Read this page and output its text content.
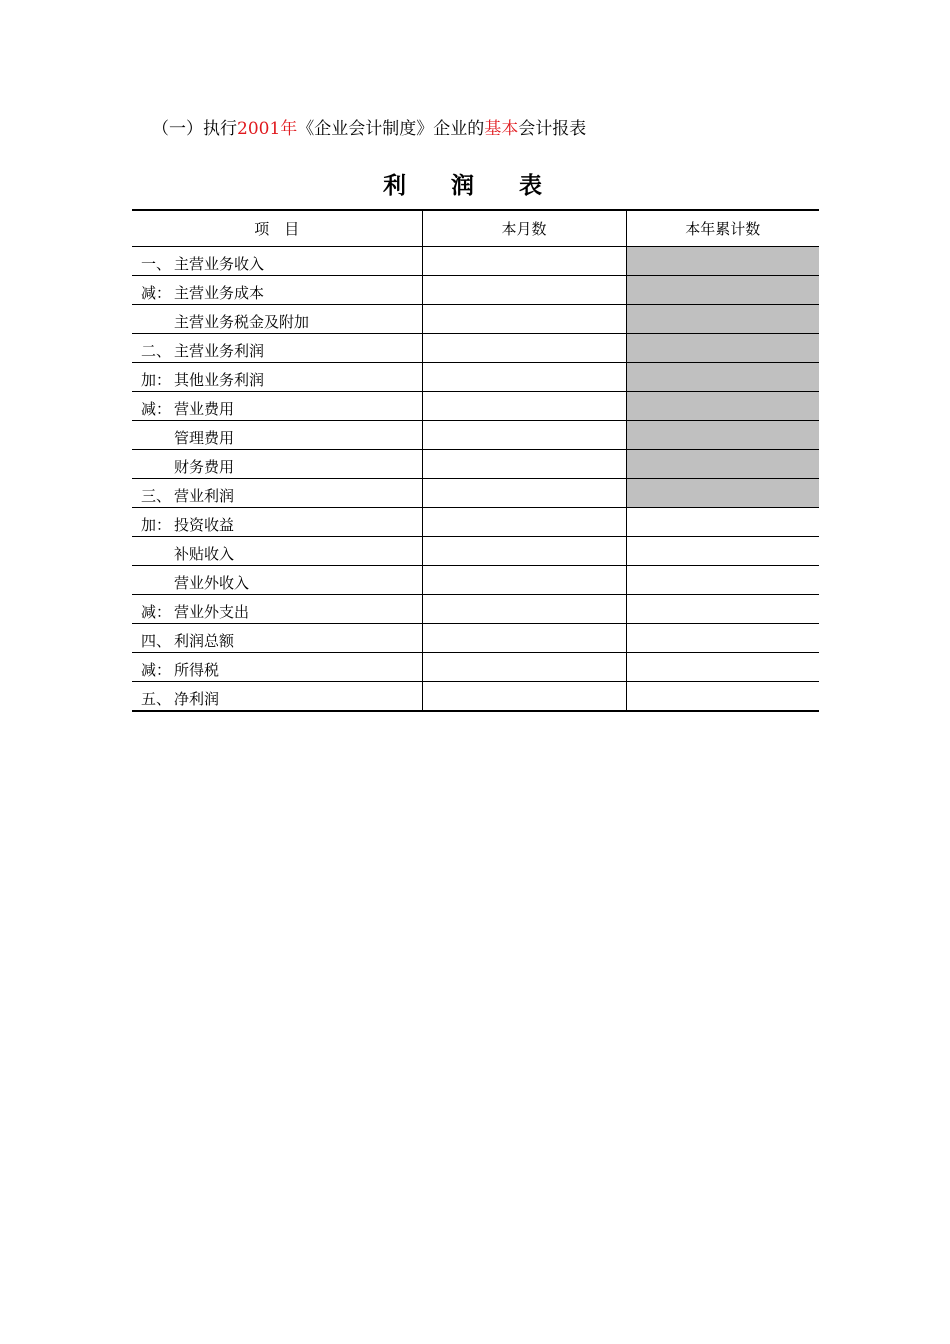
（一）执行2001年《企业会计制度》企业的基本会计报表
利润表
项　目	本月数	本年累计数
一、 主营业务收入		
减： 主营业务成本		
主营业务税金及附加		
二、 主营业务利润		
加： 其他业务利润		
减： 营业费用		
管理费用		
财务费用		
三、 营业利润		
加： 投资收益		
补贴收入		
营业外收入		
减： 营业外支出		
四、 利润总额		
减： 所得税		
五、 净利润		
